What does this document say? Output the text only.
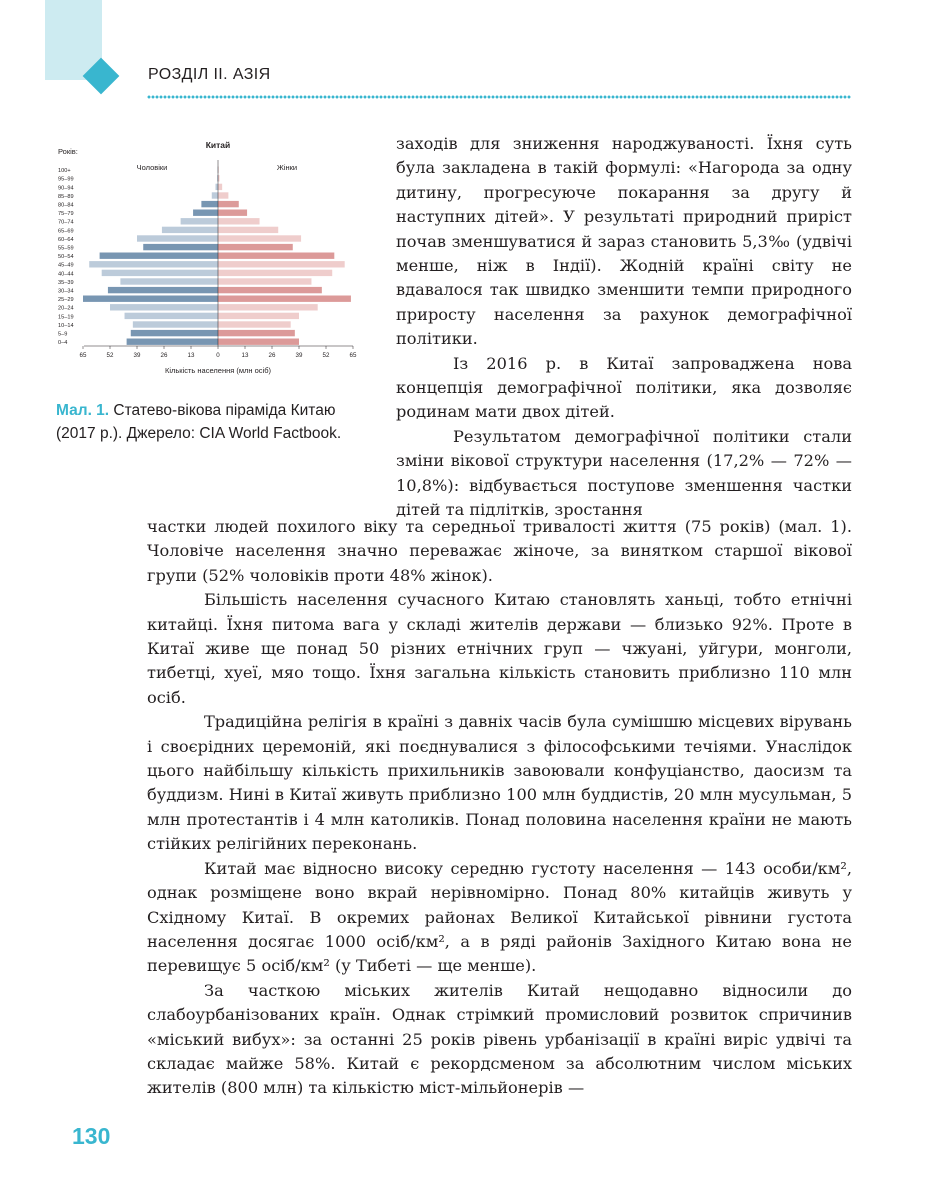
РОЗДІЛ ІІ. АЗІЯ
Китай
Років:
Чоловіки	Жінки
0–4
5–9
10–14
15–19
20–24
25–29
30–34
35–39
40–44
45–49
50–54
55–59
60–64
65–69
70–74
75–79
80–84
85–89
90–94
95–99
100+
65	52	39	26	13	0	13	26	39	52	65
Кількість населення (млн осіб)
Мал. 1. Статево-вікова піраміда Китаю (2017 р.). Джерело: CIA World Factbook.

заходів для зниження народжуваності. Їхня суть була закладена в такій формулі: «Нагорода за одну дитину, прогресуюче покарання за другу й наступних дітей». У результаті природний приріст почав зменшуватися й зараз становить 5,3‰ (удвічі менше, ніж в Індії). Жодній країні світу не вдавалося так швидко зменшити темпи природного приросту населення за рахунок демографічної політики.

Із 2016 р. в Китаї запроваджена нова концепція демографічної політики, яка дозволяє родинам мати двох дітей.

Результатом демографічної політики стали зміни вікової структури населення (17,2% — 72% — 10,8%): відбувається поступове зменшення частки дітей та підлітків, зростання

частки людей похилого віку та середньої тривалості життя (75 років) (мал. 1). Чоловіче населення значно переважає жіноче, за винятком старшої вікової групи (52% чоловіків проти 48% жінок).

Більшість населення сучасного Китаю становлять ханьці, тобто етнічні китайці. Їхня питома вага у складі жителів держави — близько 92%. Проте в Китаї живе ще понад 50 різних етнічних груп — чжуані, уйгури, монголи, тибетці, хуеї, мяо тощо. Їхня загальна кількість становить приблизно 110 млн осіб.

Традиційна релігія в країні з давніх часів була сумішшю місцевих вірувань і своєрідних церемоній, які поєднувалися з філософськими течіями. Унаслідок цього найбільшу кількість прихильників завоювали конфуціанство, даосизм та буддизм. Нині в Китаї живуть приблизно 100 млн буддистів, 20 млн мусульман, 5 млн протестантів і 4 млн католиків. Понад половина населення країни не мають стійких релігійних переконань.

Китай має відносно високу середню густоту населення — 143 особи/км², однак розміщене воно вкрай нерівномірно. Понад 80% китайців живуть у Східному Китаї. В окремих районах Великої Китайської рівнини густота населення досягає 1000 осіб/км², а в ряді районів Західного Китаю вона не перевищує 5 осіб/км² (у Тибеті — ще менше).

За часткою міських жителів Китай нещодавно відносили до слабоурбанізованих країн. Однак стрімкий промисловий розвиток спричинив «міський вибух»: за останні 25 років рівень урбанізації в країні виріс удвічі та складає майже 58%. Китай є рекордсменом за абсолютним числом міських жителів (800 млн) та кількістю міст-мільйонерів —

130
